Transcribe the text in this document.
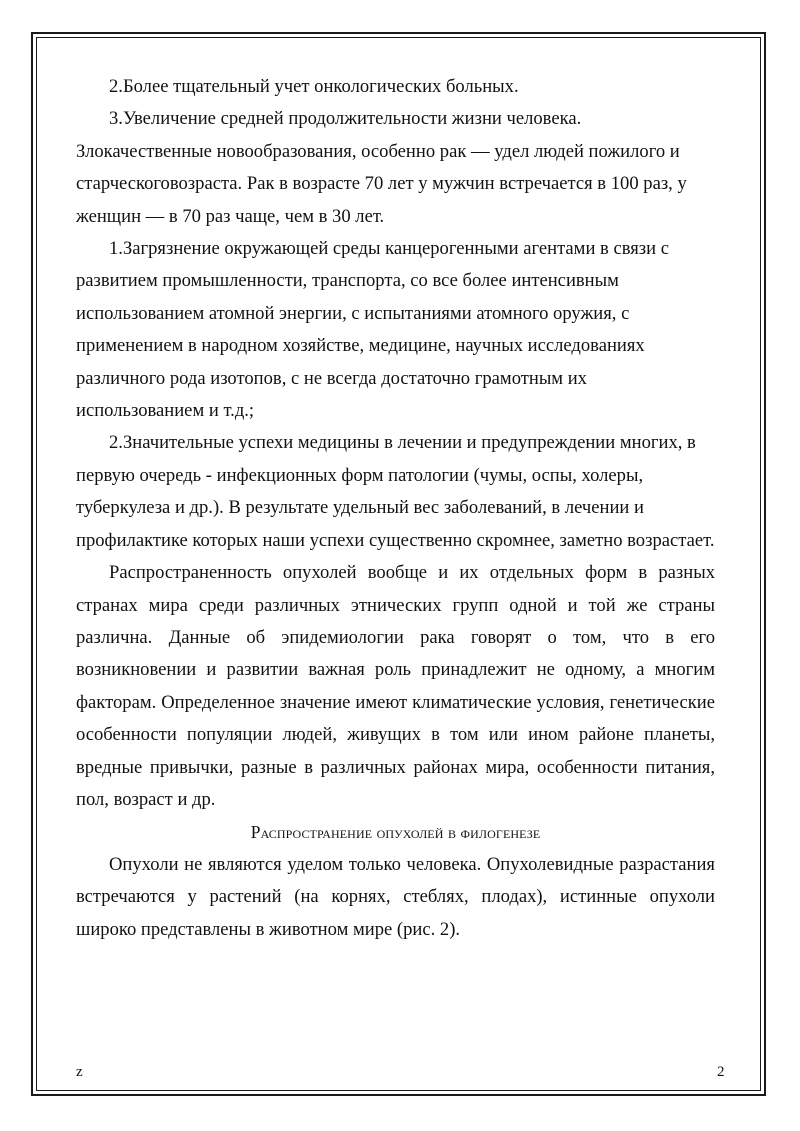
2.Более тщательный учет онкологических больных.

3.Увеличение средней продолжительности жизни человека.

Злокачественные новообразования, особенно рак — удел людей пожилого и старческоговозраста. Рак в возрасте 70 лет у мужчин встречается в 100 раз, у женщин — в 70 раз чаще, чем в 30 лет.

1.Загрязнение окружающей среды канцерогенными агентами в связи с развитием промышленности, транспорта, со все более интенсивным использованием атомной энергии, с испытаниями атомного оружия, с применением в народном хозяйстве, медицине, научных исследованиях различного рода изотопов, с не всегда достаточно грамотным их использованием и т.д.;

2.Значительные успехи медицины в лечении и предупреждении многих, в первую очередь - инфекционных форм патологии (чумы, оспы, холеры, туберкулеза и др.). В результате удельный вес заболеваний, в лечении и профилактике которых наши успехи существенно скромнее, заметно возрастает.

Распространенность опухолей вообще и их отдельных форм в разных странах мира среди различных этнических групп одной и той же страны различна. Данные об эпидемиологии рака говорят о том, что в его возникновении и развитии важная роль принадлежит не одному, а многим факторам. Определенное значение имеют климатические условия, генетические особенности популяции людей, живущих в том или ином районе планеты, вредные привычки, разные в различных районах мира, особенности питания, пол, возраст и др.

Распространение опухолей в филогенезе

Опухоли не являются уделом только человека. Опухолевидные разрастания встречаются у растений (на корнях, стеблях, плодах), истинные опухоли широко представлены в животном мире (рис. 2).

z	2
